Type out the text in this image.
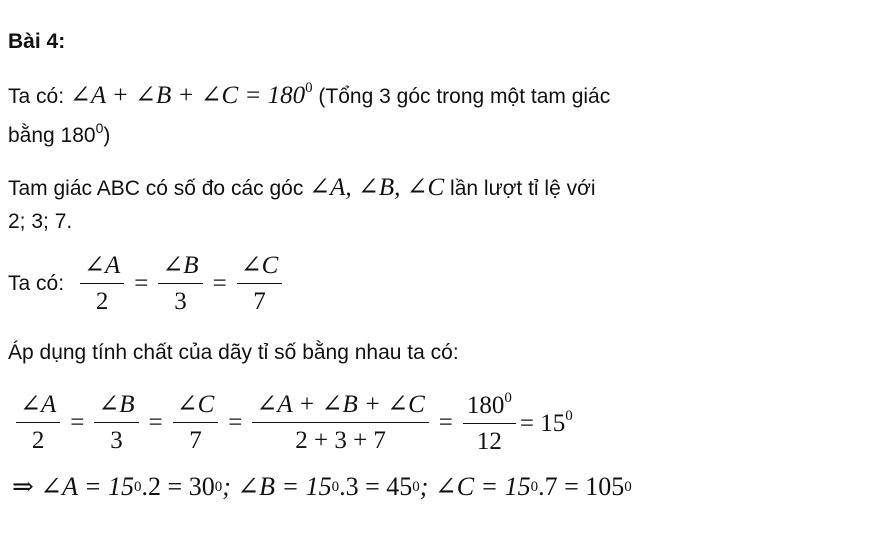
Bài 4:
Ta có: ∠A + ∠B + ∠C = $180^0$ (Tổng 3 góc trong một tam giác
bằng $180^0$)
Tam giác ABC có số đo các góc ∠A, ∠B, ∠C lần lượt tỉ lệ với
2; 3; 7.
Ta có: $\frac{\angle A}{2} = \frac{\angle B}{3} = \frac{\angle C}{7}$
Áp dụng tính chất của dãy tỉ số bằng nhau ta có:
$\frac{\angle A}{2} = \frac{\angle B}{3} = \frac{\angle C}{7} = \frac{\angle A + \angle B + \angle C}{2 + 3 + 7} = \frac{180^0}{12} = 15^0$
⇒ ∠A = 15 0 .2 = 30 0 ; ∠B = 15 0 .3 = 45 0 ; ∠C = 15 0 .7 = 105 0
